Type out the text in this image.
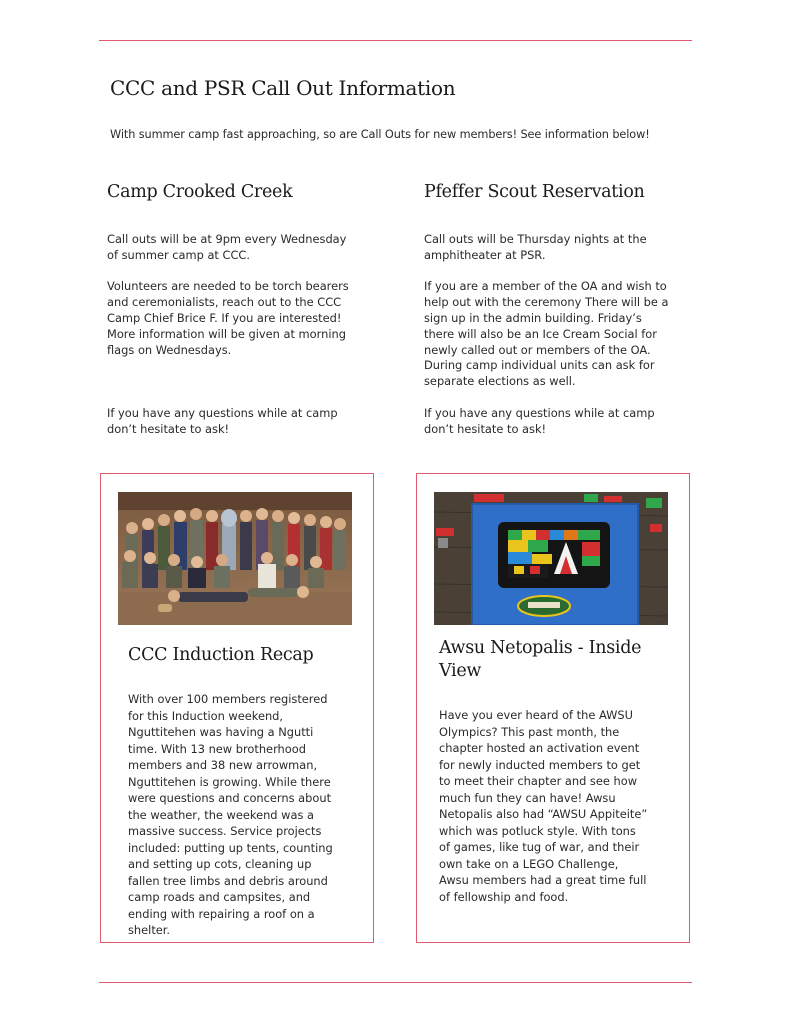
CCC and PSR Call Out Information
With summer camp fast approaching, so are Call Outs for new members! See information below!
Camp Crooked Creek

Call outs will be at 9pm every Wednesday
of summer camp at CCC.

Volunteers are needed to be torch bearers
and ceremonialists, reach out to the CCC
Camp Chief Brice F. If you are interested!
More information will be given at morning
flags on Wednesdays.

If you have any questions while at camp
don’t hesitate to ask!

Pfeffer Scout Reservation

Call outs will be Thursday nights at the
amphitheater at PSR.

If you are a member of the OA and wish to
help out with the ceremony There will be a
sign up in the admin building. Friday’s
there will also be an Ice Cream Social for
newly called out or members of the OA.
During camp individual units can ask for
separate elections as well.

If you have any questions while at camp
don’t hesitate to ask!

CCC Induction Recap
With over 100 members registered
for this Induction weekend,
Nguttitehen was having a Ngutti
time. With 13 new brotherhood
members and 38 new arrowman,
Nguttitehen is growing. While there
were questions and concerns about
the weather, the weekend was a
massive success. Service projects
included: putting up tents, counting
and setting up cots, cleaning up
fallen tree limbs and debris around
camp roads and campsites, and
ending with repairing a roof on a
shelter.
Awsu Netopalis - Inside View
Have you ever heard of the AWSU
Olympics? This past month, the
chapter hosted an activation event
for newly inducted members to get
to meet their chapter and see how
much fun they can have! Awsu
Netopalis also had “AWSU Appiteite”
which was potluck style. With tons
of games, like tug of war, and their
own take on a LEGO Challenge,
Awsu members had a great time full
of fellowship and food.
